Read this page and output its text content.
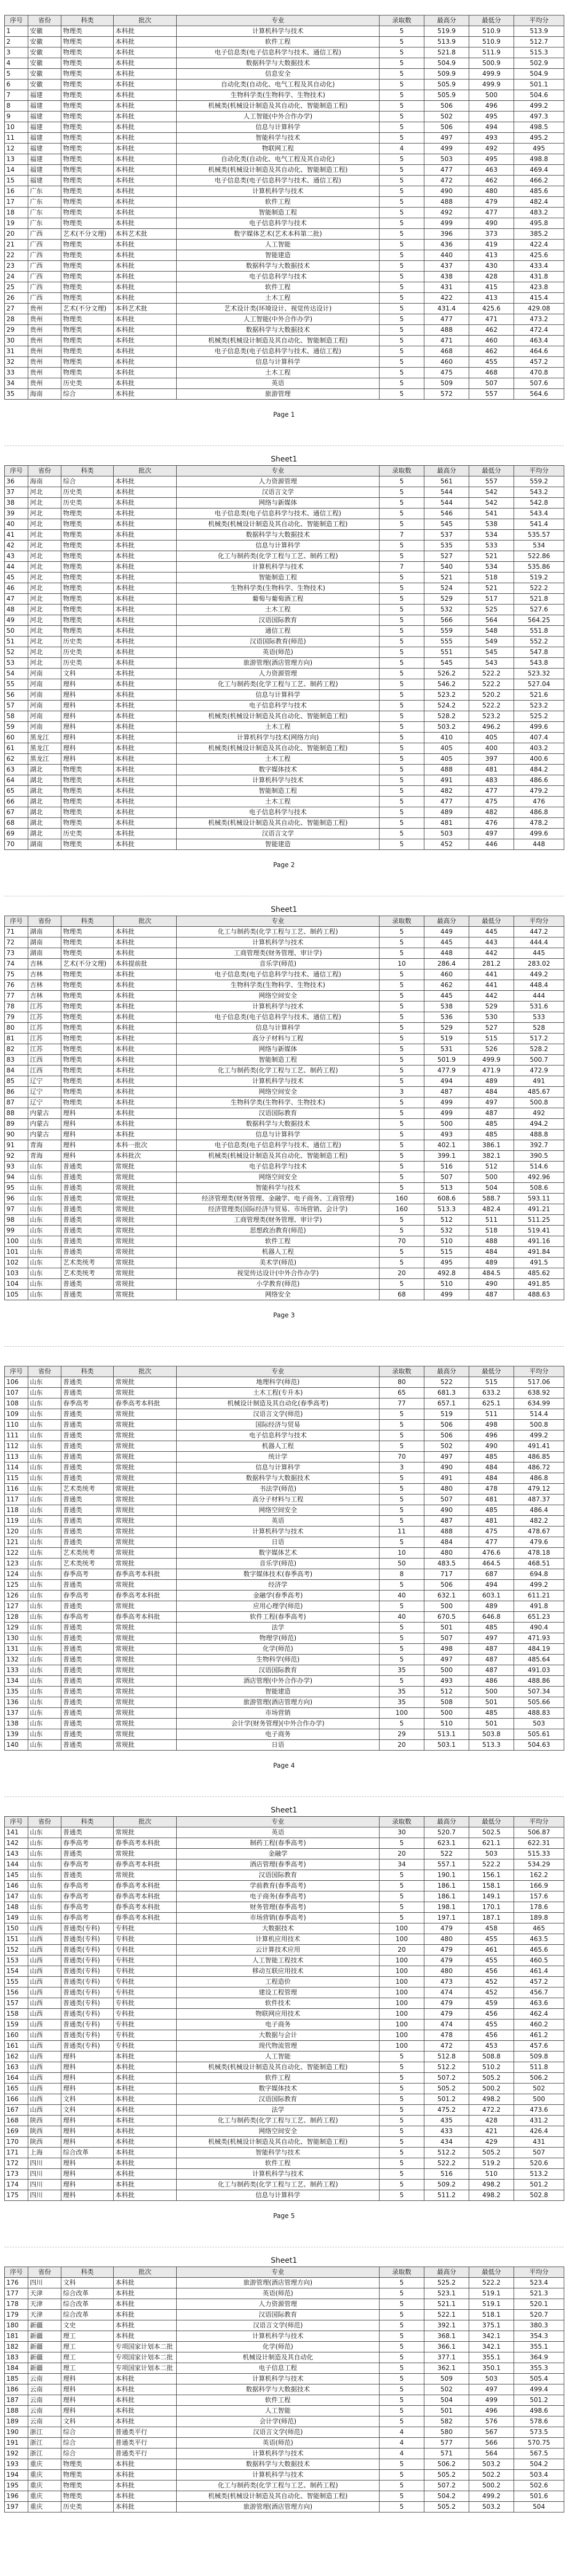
序号	省份	科类	批次	专业	录取数	最高分	最低分	平均分
1	安徽	物理类	本科批	计算机科学与技术	5	519.9	510.9	513.9
2	安徽	物理类	本科批	软件工程	5	513.9	510.9	512.7
3	安徽	物理类	本科批	电子信息类(电子信息科学与技术、通信工程)	5	521.8	511.9	515.3
4	安徽	物理类	本科批	数据科学与大数据技术	5	504.9	500.9	502.9
5	安徽	物理类	本科批	信息安全	5	509.9	499.9	504.9
6	安徽	物理类	本科批	自动化类(自动化、电气工程及其自动化)	5	505.9	499.9	501.1
7	福建	物理类	本科批	生物科学类(生物科学、生物技术)	5	505.9	500	504.6
8	福建	物理类	本科批	机械类(机械设计制造及其自动化、智能制造工程)	5	506	496	499.2
9	福建	物理类	本科批	人工智能(中外合作办学)	5	502	495	497.3
10	福建	物理类	本科批	信息与计算科学	5	506	494	498.5
11	福建	物理类	本科批	智能科学与技术	5	497	493	495.2
12	福建	物理类	本科批	物联网工程	4	499	492	495
13	福建	物理类	本科批	自动化类(自动化、电气工程及其自动化)	5	503	495	498.8
14	福建	物理类	本科批	机械类(机械设计制造及其自动化、智能制造工程)	5	477	463	469.4
15	福建	物理类	本科批	电子信息类(电子信息科学与技术、通信工程)	5	472	462	466.2
16	广东	物理类	本科批	计算机科学与技术	5	490	480	485.6
17	广东	物理类	本科批	软件工程	5	488	479	482.4
18	广东	物理类	本科批	智能制造工程	5	492	477	483.2
19	广东	物理类	本科批	电子信息科学与技术	5	499	490	495.8
20	广西	艺术(不分文理)	本科艺术批	数字媒体艺术(艺术本科第二批)	5	396	373	385.2
21	广西	物理类	本科批	人工智能	5	436	419	422.4
22	广西	物理类	本科批	智能建造	5	440	413	425.6
23	广西	物理类	本科批	数据科学与大数据技术	5	437	430	433.4
24	广西	物理类	本科批	电子信息科学与技术	5	438	428	431.8
25	广西	物理类	本科批	软件工程	5	431	415	423.8
26	广西	物理类	本科批	土木工程	5	422	413	415.4
27	贵州	艺术(不分文理)	本科艺术批	艺术设计类(环境设计、视觉传达设计)	5	431.4	425.6	429.08
28	贵州	物理类	本科批	人工智能(中外合作办学)	5	477	471	473.2
29	贵州	物理类	本科批	数据科学与大数据技术	5	488	462	472.4
30	贵州	物理类	本科批	机械类(机械设计制造及其自动化、智能制造工程)	5	471	460	463.4
31	贵州	物理类	本科批	电子信息类(电子信息科学与技术、通信工程)	5	468	462	464.6
32	贵州	物理类	本科批	信息与计算科学	5	460	455	457.2
33	贵州	物理类	本科批	土木工程	5	475	468	470.8
34	贵州	历史类	本科批	英语	5	509	507	507.6
35	海南	综合	本科批	旅游管理	5	572	557	564.6
Page 1
Sheet1
序号	省份	科类	批次	专业	录取数	最高分	最低分	平均分
36	海南	综合	本科批	人力资源管理	5	561	557	559.2
37	河北	历史类	本科批	汉语言文学	5	544	542	543.2
38	河北	历史类	本科批	网络与新媒体	5	544	542	542.8
39	河北	物理类	本科批	电子信息类(电子信息科学与技术、通信工程)	5	546	541	543.4
40	河北	物理类	本科批	机械类(机械设计制造及其自动化、智能制造工程)	5	545	538	541.4
41	河北	物理类	本科批	数据科学与大数据技术	7	537	534	535.57
42	河北	物理类	本科批	信息与计算科学	5	535	533	534
43	河北	物理类	本科批	化工与制药类(化学工程与工艺、制药工程)	5	527	521	522.86
44	河北	物理类	本科批	计算机科学与技术	7	540	534	535.86
45	河北	物理类	本科批	智能制造工程	5	521	518	519.2
46	河北	物理类	本科批	生物科学类(生物科学、生物技术)	5	524	521	522.2
47	河北	物理类	本科批	葡萄与葡萄酒工程	5	529	517	521.8
48	河北	物理类	本科批	土木工程	5	532	525	527.6
49	河北	物理类	本科批	汉语国际教育	5	566	564	564.25
50	河北	物理类	本科批	通信工程	5	559	548	551.8
51	河北	历史类	本科批	汉语国际教育(师范)	5	555	549	552.2
52	河北	历史类	本科批	英语(师范)	5	551	545	547.8
53	河北	历史类	本科批	旅游管理(酒店管理方向)	5	545	543	543.8
54	河南	文科	本科批	人力资源管理	5	526.2	522.2	523.32
55	河南	理科	本科批	化工与制药类(化学工程与工艺、制药工程)	5	546.2	522.2	527.04
56	河南	理科	本科批	信息与计算科学	5	523.2	520.2	521.6
57	河南	理科	本科批	电子信息科学与技术	5	524.2	522.2	523.2
58	河南	理科	本科批	机械类(机械设计制造及其自动化、智能制造工程)	5	528.2	523.2	525.2
59	河南	理科	本科批	土木工程	5	503.2	496.2	499.6
60	黑龙江	理科	本科批	计算机科学与技术(网络方向)	5	410	405	407.4
61	黑龙江	理科	本科批	机械类(机械设计制造及其自动化、智能制造工程)	5	405	400	403.2
62	黑龙江	理科	本科批	土木工程	5	405	397	400.6
63	湖北	物理类	本科批	数字媒体技术	5	488	481	484.2
64	湖北	物理类	本科批	计算机科学与技术	5	491	483	486.6
65	湖北	物理类	本科批	智能制造工程	5	482	477	479.2
66	湖北	物理类	本科批	土木工程	5	477	475	476
67	湖北	物理类	本科批	电子信息科学与技术	5	489	482	486.8
68	湖北	物理类	本科批	机械类(机械设计制造及其自动化、智能制造工程)	5	481	476	478.2
69	湖北	历史类	本科批	汉语言文学	5	503	497	499.6
70	湖南	物理类	本科批	智能建造	5	452	446	448
Page 2
Sheet1
序号	省份	科类	批次	专业	录取数	最高分	最低分	平均分
71	湖南	物理类	本科批	化工与制药类(化学工程与工艺、制药工程)	5	449	445	447.2
72	湖南	物理类	本科批	计算机科学与技术	5	445	443	444.4
73	湖南	物理类	本科批	工商管理类(财务管理、审计学)	5	448	442	445
74	吉林	艺术(不分文理)	本科提前批	音乐学(师范)	10	286.4	281.2	283.02
75	吉林	物理类	本科批	电子信息类(电子信息科学与技术、通信工程)	5	460	441	449.2
76	吉林	物理类	本科批	生物科学类(生物科学、生物技术)	5	462	441	448.4
77	吉林	物理类	本科批	网络空间安全	5	445	442	444
78	江苏	物理类	本科批	计算机科学与技术	5	538	529	531.6
79	江苏	物理类	本科批	电子信息类(电子信息科学与技术、通信工程)	5	536	530	533
80	江苏	物理类	本科批	信息与计算科学	5	529	527	528
81	江苏	物理类	本科批	高分子材料与工程	5	519	515	517.2
82	江苏	物理类	本科批	网络与新媒体	5	531	526	528.2
83	江西	物理类	本科批	智能制造工程	5	501.9	499.9	500.7
84	江西	物理类	本科批	化工与制药类(化学工程与工艺、制药工程)	5	477.9	471.9	472.9
85	辽宁	物理类	本科批	计算机科学与技术	5	494	489	491
86	辽宁	物理类	本科批	网络空间安全	3	487	484	485.67
87	辽宁	物理类	本科批	生物科学类(生物科学、生物技术)	5	499	497	500.8
88	内蒙古	理科	本科批	汉语国际教育	5	499	487	492
89	内蒙古	理科	本科批	数据科学与大数据技术	5	500	485	494.2
90	内蒙古	理科	本科批	信息与计算科学	5	493	485	488.8
91	青海	理科	本科一批次	电子信息类(电子信息科学与技术、通信工程)	5	402.1	386.1	392.7
92	青海	理科	本科批次	机械类(机械设计制造及其自动化、智能制造工程)	5	399.1	382.1	390.5
93	山东	普通类	常规批	电子信息科学与技术	5	516	512	514.6
94	山东	普通类	常规批	网络空间安全	5	507	500	492.96
95	山东	普通类	常规批	智能科学与技术	5	513	504	508.6
96	山东	普通类	常规批	经济管理类(财务管理、金融学、电子商务、工商管理)	160	608.6	588.7	593.11
97	山东	普通类	常规批	经济管理类(国际经济与贸易、市场营销、会计学)	160	513.3	482.4	491.21
98	山东	普通类	常规批	工商管理类(财务管理、审计学)	5	512	511	511.25
99	山东	普通类	常规批	思想政治教育(师范)	5	532	518	519.41
100	山东	普通类	常规批	软件工程	70	510	488	491.16
101	山东	普通类	常规批	机器人工程	5	515	484	491.84
102	山东	艺术类统考	常规批	美术学(师范)	5	495	489	491.5
103	山东	艺术类统考	常规批	视觉传达设计(中外合作办学)	20	492.8	484.5	485.62
104	山东	普通类	常规批	小学教育(师范)	5	510	490	491.85
105	山东	普通类	常规批	网络安全	68	499	487	488.63
Page 3
序号	省份	科类	批次	专业	录取数	最高分	最低分	平均分
106	山东	普通类	常规批	地理科学(师范)	80	522	515	517.06
107	山东	普通类	常规批	土木工程(专升本)	65	681.3	633.2	638.92
108	山东	春季高考	春季高考本科批	机械设计制造及其自动化(春季高考)	77	657.1	625.1	634.99
109	山东	普通类	常规批	汉语言文学(师范)	5	519	511	514.4
110	山东	普通类	常规批	国际经济与贸易	5	506	498	500.8
111	山东	普通类	常规批	电子信息科学与技术	5	506	496	499.2
112	山东	普通类	常规批	机器人工程	5	502	490	491.41
113	山东	普通类	常规批	统计学	70	497	485	486.85
114	山东	普通类	常规批	信息与计算科学	3	490	484	486.72
115	山东	普通类	常规批	数据科学与大数据技术	5	491	484	486.8
116	山东	艺术类统考	常规批	书法学(师范)	5	480	478	479.12
117	山东	普通类	常规批	高分子材料与工程	5	507	481	487.37
118	山东	普通类	常规批	网络空间安全	5	490	485	486.4
119	山东	普通类	常规批	英语	5	487	481	482.2
120	山东	普通类	常规批	计算机科学与技术	11	488	475	478.67
121	山东	普通类	常规批	日语	5	484	477	479.6
122	山东	艺术类统考	常规批	数字媒体艺术	10	480	476.6	478.18
123	山东	艺术类统考	常规批	音乐学(师范)	50	483.5	464.5	468.51
124	山东	春季高考	春季高考本科批	数字媒体技术(春季高考)	8	717	687	694.8
125	山东	普通类	常规批	经济学	5	506	494	499.2
126	山东	春季高考	春季高考本科批	金融学(春季高考)	40	632.1	603.1	611.21
127	山东	普通类	常规批	应用心理学(师范)	5	500	489	491.8
128	山东	春季高考	春季高考本科批	软件工程(春季高考)	40	670.5	646.8	651.23
129	山东	普通类	常规批	法学	5	501	485	490.4
130	山东	普通类	常规批	物理学(师范)	5	507	497	471.93
131	山东	普通类	常规批	化学(师范)	5	498	487	484.19
132	山东	普通类	常规批	生物科学(师范)	5	497	487	485.64
133	山东	普通类	常规批	汉语国际教育	35	500	487	491.03
134	山东	普通类	常规批	酒店管理(中外合作办学)	5	493	486	488.86
135	山东	普通类	常规批	智能建造	35	512	500	507.34
136	山东	普通类	常规批	旅游管理(酒店管理方向)	35	508	501	505.66
137	山东	普通类	常规批	市场营销	100	500	485	488.83
138	山东	普通类	常规批	会计学(财务管理)(中外合作办学)	5	510	501	503
139	山东	普通类	常规批	电子商务	29	513.1	503.8	505.61
140	山东	普通类	常规批	日语	20	503.1	513.3	504.63
Page 4
Sheet1
序号	省份	科类	批次	专业	录取数	最高分	最低分	平均分
141	山东	普通类	常规批	英语	30	520.7	502.5	506.87
142	山东	春季高考	春季高考本科批	制药工程(春季高考)	5	623.1	621.1	622.31
143	山东	普通类	常规批	金融学	20	522	503	515.33
144	山东	春季高考	春季高考本科批	酒店管理(春季高考)	34	557.1	522.2	534.29
145	山东	普通类	常规批	汉语国际教育	5	190.1	156.1	162.2
146	山东	春季高考	春季高考本科批	学前教育(春季高考)	5	186.1	158.1	166.9
147	山东	春季高考	春季高考本科批	电子商务(春季高考)	5	186.1	149.1	157.6
148	山东	春季高考	春季高考本科批	财务管理(春季高考)	5	198.1	170.1	178.6
149	山东	春季高考	春季高考本科批	市场营销(春季高考)	5	197.1	187.1	189.8
150	山西	普通类(专科)	专科批	大数据技术	100	479	458	465
151	山西	普通类(专科)	专科批	计算机应用技术	100	480	455	463.5
152	山西	普通类(专科)	专科批	云计算技术应用	20	479	461	465.6
153	山西	普通类(专科)	专科批	人工智能工程技术	100	479	455	460.5
154	山西	普通类(专科)	专科批	移动互联应用技术	100	480	456	461.4
155	山西	普通类(专科)	专科批	工程造价	100	473	452	457.2
156	山西	普通类(专科)	专科批	建设工程管理	100	474	452	456.7
157	山西	普通类(专科)	专科批	软件技术	100	479	459	463.6
158	山西	普通类(专科)	专科批	物联网应用技术	100	479	456	462.4
159	山西	普通类(专科)	专科批	电子商务	100	474	455	460.2
160	山西	普通类(专科)	专科批	大数据与会计	100	478	456	461.2
161	山西	普通类(专科)	专科批	现代物流管理	100	472	453	457.6
162	山西	理科	本科批	人工智能	5	512.8	508.8	509.8
163	山西	理科	本科批	机械类(机械设计制造及其自动化、智能制造工程)	5	512.2	510.2	511.8
164	山西	理科	本科批	软件工程	5	507.2	505.2	506.2
165	山西	理科	本科批	数字媒体技术	5	505.2	500.2	502
166	山西	文科	本科批	汉语国际教育	5	501.2	498.2	500
167	山西	文科	本科批	法学	5	475.2	472.2	473.6
168	陕西	理科	本科批	化工与制药类(化学工程与工艺、制药工程)	5	435	428	431.2
169	陕西	理科	本科批	网络空间安全	5	433	421	426.4
170	陕西	理科	本科批	机械类(机械设计制造及其自动化、智能制造工程)	5	434	429	431
171	上海	综合改革	本科批	智能科学与技术	5	512.2	505.2	507
172	四川	理科	本科批	软件工程	5	522.2	519.2	520.6
173	四川	理科	本科批	计算机科学与技术	5	516	510	513.2
174	四川	理科	本科批	化工与制药类(化学工程与工艺、制药工程)	5	509.2	498.2	501.2
175	四川	理科	本科批	信息与计算科学	5	511.2	498.2	502.8
Page 5
Sheet1
序号	省份	科类	批次	专业	录取数	最高分	最低分	平均分
176	四川	文科	本科批	旅游管理(酒店管理方向)	5	525.2	522.2	523.4
177	天津	综合改革	本科批	英语(师范)	5	523.1	519.1	521.3
178	天津	综合改革	本科批	人力资源管理	5	521.1	519.1	520.1
179	天津	综合改革	本科批	汉语国际教育	5	522.1	518.1	520.7
180	新疆	文史	本科批	汉语言文学(师范)	5	392.1	375.1	380.3
181	新疆	理工	本科批	计算机科学与技术	5	368.1	342.1	354.3
182	新疆	理工	专项国家计划本二批	化学(师范)	5	366.1	342.1	355.1
183	新疆	理工	专项国家计划本二批	机械设计制造及其自动化	5	377.1	355.1	364.9
184	新疆	理工	专项国家计划本二批	电子信息工程	5	362.1	350.1	355.3
185	云南	理科	本科批	计算机科学与技术	5	509	503	505.4
186	云南	理科	本科批	数据科学与大数据技术	5	502	497	499.4
187	云南	理科	本科批	软件工程	5	504	499	501.2
188	云南	理科	本科批	人工智能	5	501	496	498.6
189	云南	文科	本科批	会计学(师范)	5	582	576	578.6
190	浙江	综合	普通类平行	汉语言文学(师范)	4	580	567	573.5
191	浙江	综合	普通类平行	英语(师范)	4	577	566	570.75
192	浙江	综合	普通类平行	计算机科学与技术	4	571	564	567.5
193	重庆	物理类	本科批	数据科学与大数据技术	5	506.2	503.2	504.2
194	重庆	物理类	本科批	计算机科学与技术	5	505.2	502.2	503.4
195	重庆	物理类	本科批	化工与制药类(化学工程与工艺、制药工程)	5	507.2	500.2	502.6
196	重庆	物理类	本科批	机械类(机械设计制造及其自动化、智能制造工程)	5	504.2	499.2	501.6
197	重庆	历史类	本科批	旅游管理(酒店管理方向)	5	505.2	503.2	504
